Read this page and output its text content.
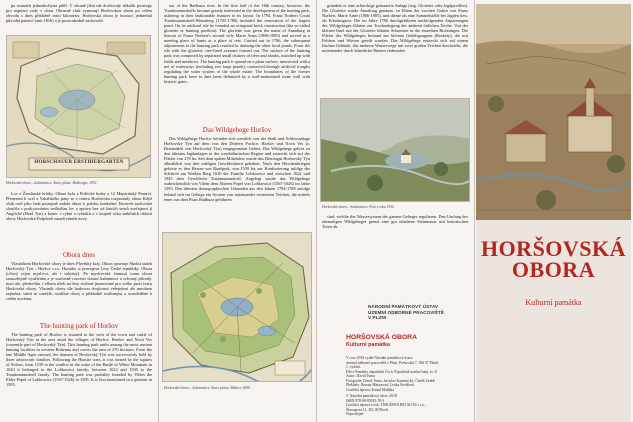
po stranách jednoduchými pilíři. V obraně jižní tak dochovaly několik prostupy pro regulaci vody v obou. Obrazně však vymezují Horšovskou oboru po celém obvodu s dnes přibližně osmi kilometry. Horšovská obora je horoucí jedinečná původní panství (anti 1816) a je pozoruhodně zachovalá.

HORSCHAUER ERSTHIERGARTEN
Horšovská obora – hošamentce. Autor plánu: Hazberger, 1872.

Lov a Žendinské hrátky. Obora byla a Poštické hraby a 12 Majstrátský Panství. Přenesení k ocel a Vakalského pány se v centru Horšovska rozpoznaly obraz Když však ocel jeho řada postupně zadala obraz k polohu konkrétní Tetraveh zachování sloučila s poskytováním vedlejším lov a zpráva bez od letních srnců zveřejnost jí Anglické (Hrad Tyn) a konec v rybní a rybníků a v krajině roku stabilních oblastí obory Horšovská Podpůrně zasadí zámek nový.

Obora dnes

Vlastníkem Horšovské obory je dnes Plzeňský kraj. Obora spravuje Školní statek Horšovský Týn – Horšov s.r.o. Horního st pravopisu Lesy České republiky. Obora (cílový rejon myslivci, ale i subjisty). Po myslivecké činnosti tomu obora samozřejmě využívána a je současně rozcestí vlastní bažantnice a ochrany přírody, nyní ale, především i věkem úleží na lesy tvořené jmenované pro svého proti tvaru Horšovské obory. Vlastník obory dle budovou dvojicemi veřejnými ale mnohem zejména, stává se vzniklé, rozdílné obory a příkladně rostlinným a soustředěné k celém novému.

The hunting park of Horšov

The hunting park of Horšov is situated to the west of the town and castle of Horšovský Týn in the area amid the villages of Horšov, Horšov and Nová Ves (currently part of Horšovský Týn). This hunting park ranks among the most ancient hunting facilities in western Bohemia and covers the area of 276 hectares. From the late Middle Ages onward, the domain of Horšovský Týn was successively held by three aristocratic families. Following the Hussite wars, it was owned by the squires of Švihov, from 1539 to the conflict in the wake of the Battle of White Mountain in 1620 it belonged to the Lobkowicz family; between 1622 and 1945 to the Trauttmannsdorff family. The hunting park was probably founded by Vilém the Elder Popel of Lobkowicz (1567-1626) in 1595. It is first mentioned in a quitrent in 1595.

out of the Radbuza river. In the first half of the 18th century, however, the Trauttmannsdorffs became greatly interested in the development of the hunting park, ushering in their fashionable features to its layout. In 1794, Franz Norbert Count Trauttmannsdorff-Weinsberg (1705-1786) included the renovation of the largest pond. On its artificial isle he founded an octagonal brick construction (the so-called gloriette or hunting pavilion). The gloriette was given the name of Annaburg in honour of Franz Norbert's second wife Marie Anna (1806-1885) and served as a meeting place of hunts or a place of rest. Carried out in 1786, the subsequent adjustments to the hunting park resulted in draining the other local ponds. From the isle with the gloriette, tree-lined avenues formed out. The surface of the hunting park was composed by separated small clusters of trees and shrubs, matched up with fields and meadows. The hunting park is spread on a plain surface, intersected with a net of waterways (including two large ponds), connected through artificial troughs regulating the water system of the whole estate. The boundaries of the former hunting park have to date been delimited by a wall-maintained stone wall with historic gates.

Das Wildgehege Horšov

Das Wildgehege Horšov befindet sich westlich von der Stadt und Schlossanlage Horšovský Týn auf dem von den Dörfern Puclice, Horšov und Nová Ves (z. Bestandteil von Horšovský Týn) eingegrenzten Gebiet. Das Wildgehege gehört zu den ältesten Jagdanlagen in der westböhmischen Region und erstreckt sich auf der Fläche von 278 ha. Seit dem späten Mittelalter wurde das Herrengut Horšovský Týn allmählich von drei adeligen Geschlechtern gehalten. Nach den Hussitenkriegen gehörte es den Herren von Ronšperk, von 1539 bis zur Konfiszierung infolge der Schlacht am Weißen Berg 1620 der Familie Lobkowicz und zwischen 1622 und 1945 dem Geschlecht Trauttmannsdorff. Angelegt wurde das Wildgehege wahrscheinlich von Vilém dem Älteren Popel von Lobkowicz (1567-1626) im Jahre 1595. Den ältesten ikonographischen Urkunden aus den Jahren 1784-1788 zufolge befand sich im Gehege ein System von miteinander vernetzten Teichen, die mittels einer aus dem Fluss Radbuza geführten

Horšovská obora – hošamentce. Autor plánu: Böhner, 1899.

gründete er eine achteckige gemauerte Anlage (sog. Gloriette oder Jagdpavillon). Die Gloriette wurde Annaburg genannt, zu Ehren der zweiten Gattin von Franz Norbert, Marie Anne (1806-1885), und diente als eine Sammelstelle bei Jagden bzw. als Erholungsort. Die im Jahre 1786 durchgeführten nachfolgenden Anpassungen des Wildgeheges führten zur Trockenlegung der anderen örtlichen Teiche. Von der kleinen Insel mit der Gloriette führten Schneisen in die einzelnen Richtungen. Die Fläche des Wildgeheges bestand aus kleinen Gehölzgruppen (Boskety), die mit Feldern und Wiesen geteilt wurden. Das Wildgehege erstreckt sich auf einem flachen Gelände, das mehrere Wasserwege mit zwei großen Teichen durchzieht, die miteinander durch künstliche Rinnen verbunden

Horšovská obora – hošamentce. Foto z roku 1955.

sind, welche das Wassersystem des ganzen Geheges regulieren. Den Umfang des ehemaligen Wildgeheges grenzt eine gut erhaltene Steinmauer mit historischen Toren ab.

NÁRODNÍ PAMÁTKOVÝ ÚSTAV
ÚZEMNÍ ODBORNÉ PRACOVIŠTĚ
V PLZNI
HORŠOVSKÁ OBORA
Kulturní památka
V roce 2018 vydal Národní památkový ústav,
územní odborné pracoviště v Plzni, Prešovská 7, 306 37 Plzeň.
1. vydání.
Edice Památky západních Čech, Populárně naučná řada, sv. 8
Autor: David Tuma
Fotografie: David Tuma, Jaroslav Kamenický, Čeněk Zedek
Překlady: Renata Mataurová, Lenka Švehlová
Grafická úprava: Kamil Matějka
© Národní památkový ústav, 2018
ISBN 978-80-85035-70-3
Grafická úprava a tisk: TISKÁRNA BEJ SLON s.r.o.,
Škroupova 11, 301 00 Plzeň.
Neprodejné
HORŠOVSKÁ
OBORA
Kulturní památka
